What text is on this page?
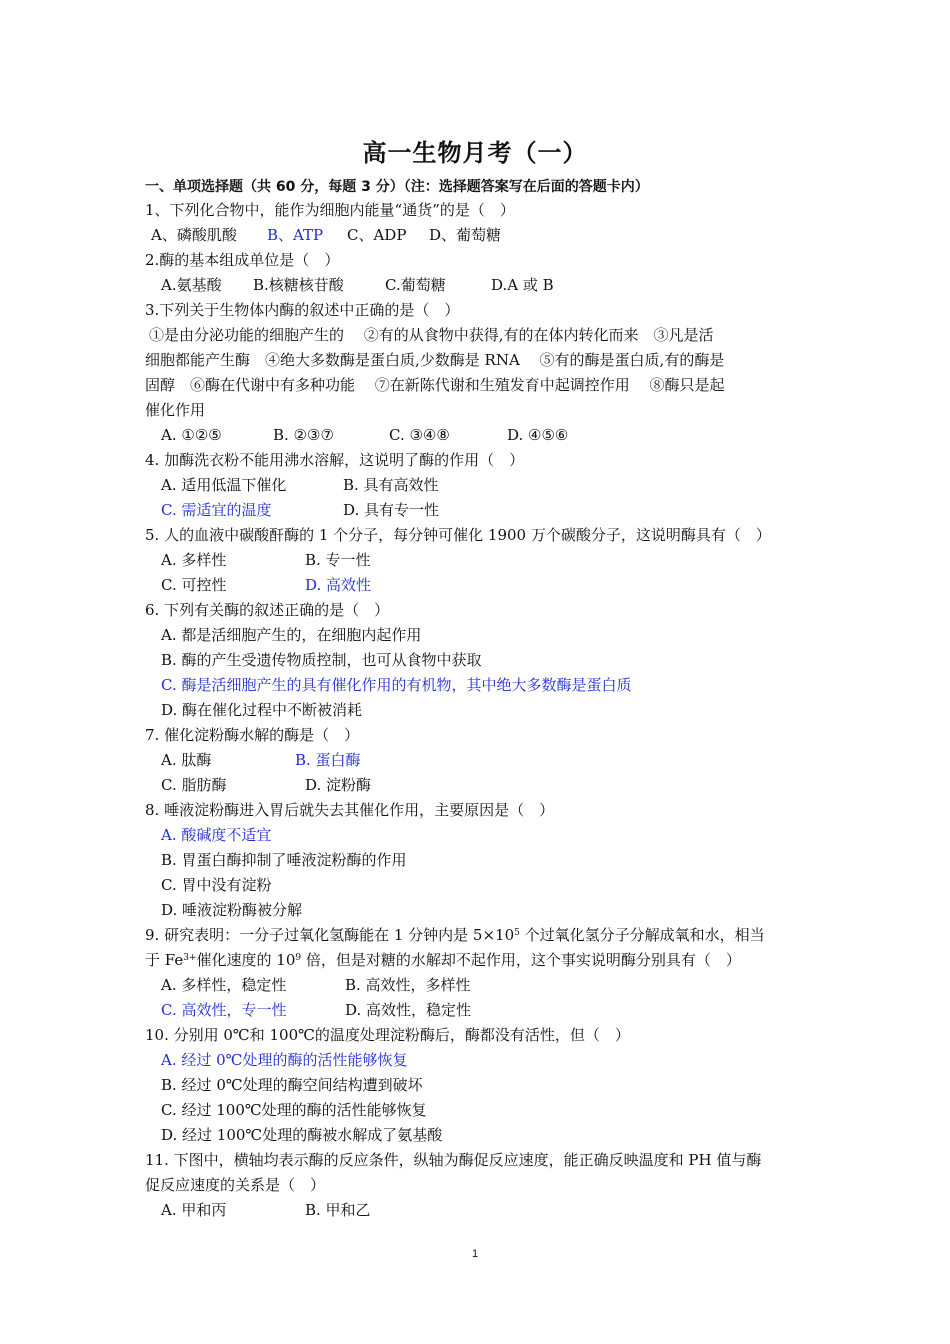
高一生物月考（一）
一、单项选择题（共 60 分，每题 3 分）（注：选择题答案写在后面的答题卡内）
1、下列化合物中，能作为细胞内能量“通货”的是（　）
A、磷酸肌酸 B、ATP C、ADP D、葡萄糖
2.酶的基本组成单位是（　）
A.氨基酸 B.核糖核苷酸	C.葡萄糖	D.A 或 B
3.下列关于生物体内酶的叙述中正确的是（　）
①是由分泌功能的细胞产生的　 ②有的从食物中获得,有的在体内转化而来　③凡是活
细胞都能产生酶　④绝大多数酶是蛋白质,少数酶是 RNA　 ⑤有的酶是蛋白质,有的酶是
固醇　⑥酶在代谢中有多种功能　 ⑦在新陈代谢和生殖发育中起调控作用　 ⑧酶只是起
催化作用
A. ①②⑤	B. ②③⑦	C. ③④⑧	D. ④⑤⑥
4. 加酶洗衣粉不能用沸水溶解，这说明了酶的作用（　）
A. 适用低温下催化	B. 具有高效性
C. 需适宜的温度	D. 具有专一性
5. 人的血液中碳酸酐酶的 1 个分子，每分钟可催化 1900 万个碳酸分子，这说明酶具有（　）
A. 多样性	B. 专一性
C. 可控性	D. 高效性
6. 下列有关酶的叙述正确的是（　）
A. 都是活细胞产生的，在细胞内起作用
B. 酶的产生受遗传物质控制，也可从食物中获取
C. 酶是活细胞产生的具有催化作用的有机物，其中绝大多数酶是蛋白质
D. 酶在催化过程中不断被消耗
7. 催化淀粉酶水解的酶是（　）
A. 肽酶	B. 蛋白酶
C. 脂肪酶	D. 淀粉酶
8. 唾液淀粉酶进入胃后就失去其催化作用，主要原因是（　）
A. 酸碱度不适宜
B. 胃蛋白酶抑制了唾液淀粉酶的作用
C. 胃中没有淀粉
D. 唾液淀粉酶被分解
9. 研究表明：一分子过氧化氢酶能在 1 分钟内是 $5\times 10^5$ 个过氧化氢分子分解成氧和水，相当
于 $Fe^{3+}$催化速度的 $10^9$ 倍，但是对糖的水解却不起作用，这个事实说明酶分别具有（　）
A. 多样性，稳定性	B. 高效性，多样性
C. 高效性，专一性	D. 高效性，稳定性
10. 分别用 0℃和 100℃的温度处理淀粉酶后，酶都没有活性，但（　）
A. 经过 0℃处理的酶的活性能够恢复
B. 经过 0℃处理的酶空间结构遭到破坏
C. 经过 100℃处理的酶的活性能够恢复
D. 经过 100℃处理的酶被水解成了氨基酸
11. 下图中，横轴均表示酶的反应条件，纵轴为酶促反应速度，能正确反映温度和 PH 值与酶
促反应速度的关系是（　）
A. 甲和丙	B. 甲和乙
1
